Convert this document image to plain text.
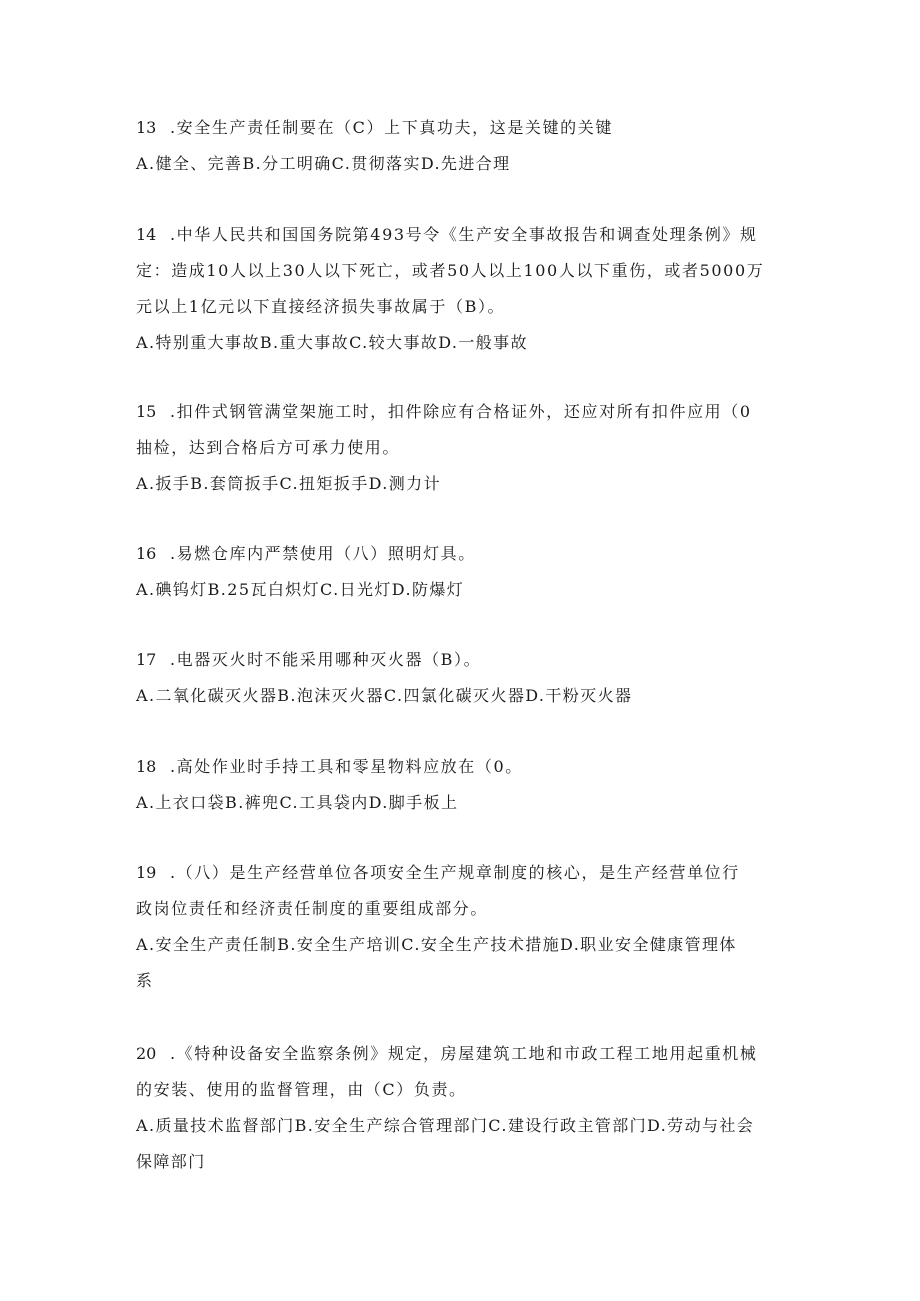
13 .安全生产责任制要在（C）上下真功夫，这是关键的关键

A.健全、完善B.分工明确C.贯彻落实D.先进合理

14 .中华人民共和国国务院第493号令《生产安全事故报告和调查处理条例》规

定：造成10人以上30人以下死亡，或者50人以上100人以下重伤，或者5000万

元以上1亿元以下直接经济损失事故属于（B）。

A.特别重大事故B.重大事故C.较大事故D.一般事故

15 .扣件式钢管满堂架施工时，扣件除应有合格证外，还应对所有扣件应用（0

抽检，达到合格后方可承力使用。

A.扳手B.套筒扳手C.扭矩扳手D.测力计

16 .易燃仓库内严禁使用（八）照明灯具。

A.碘钨灯B.25瓦白炽灯C.日光灯D.防爆灯

17 .电器灭火时不能采用哪种灭火器（B）。

A.二氧化碳灭火器B.泡沫灭火器C.四氯化碳灭火器D.干粉灭火器

18 .高处作业时手持工具和零星物料应放在（0。

A.上衣口袋B.裤兜C.工具袋内D.脚手板上

19 .（八）是生产经营单位各项安全生产规章制度的核心，是生产经营单位行

政岗位责任和经济责任制度的重要组成部分。

A.安全生产责任制B.安全生产培训C.安全生产技术措施D.职业安全健康管理体

系

20 .《特种设备安全监察条例》规定，房屋建筑工地和市政工程工地用起重机械

的安装、使用的监督管理，由（C）负责。

A.质量技术监督部门B.安全生产综合管理部门C.建设行政主管部门D.劳动与社会

保障部门
